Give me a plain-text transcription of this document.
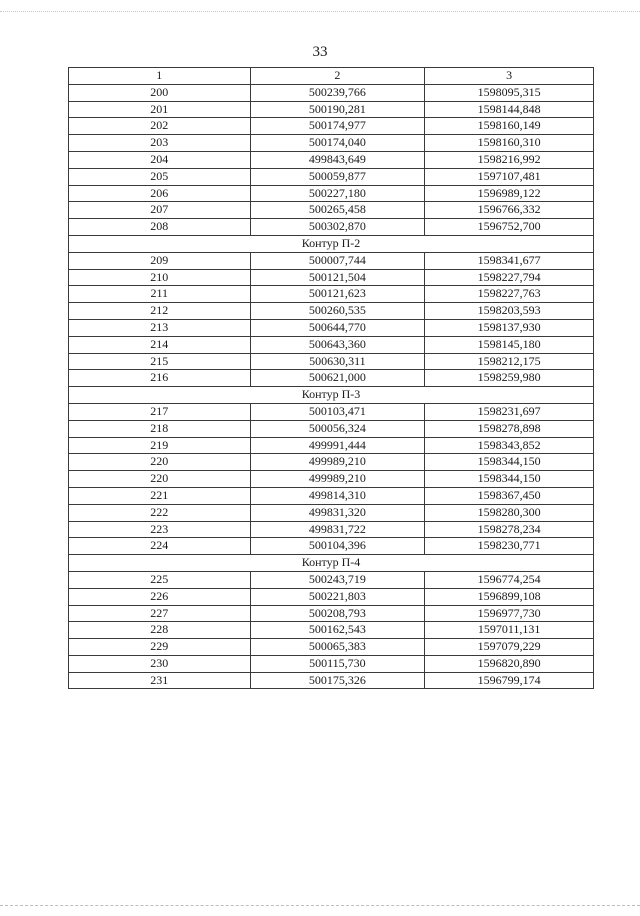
33
1	2	3
200	500239,766	1598095,315
201	500190,281	1598144,848
202	500174,977	1598160,149
203	500174,040	1598160,310
204	499843,649	1598216,992
205	500059,877	1597107,481
206	500227,180	1596989,122
207	500265,458	1596766,332
208	500302,870	1596752,700
Контур П-2		
209	500007,744	1598341,677
210	500121,504	1598227,794
211	500121,623	1598227,763
212	500260,535	1598203,593
213	500644,770	1598137,930
214	500643,360	1598145,180
215	500630,311	1598212,175
216	500621,000	1598259,980
Контур П-3		
217	500103,471	1598231,697
218	500056,324	1598278,898
219	499991,444	1598343,852
220	499989,210	1598344,150
220	499989,210	1598344,150
221	499814,310	1598367,450
222	499831,320	1598280,300
223	499831,722	1598278,234
224	500104,396	1598230,771
Контур П-4		
225	500243,719	1596774,254
226	500221,803	1596899,108
227	500208,793	1596977,730
228	500162,543	1597011,131
229	500065,383	1597079,229
230	500115,730	1596820,890
231	500175,326	1596799,174
